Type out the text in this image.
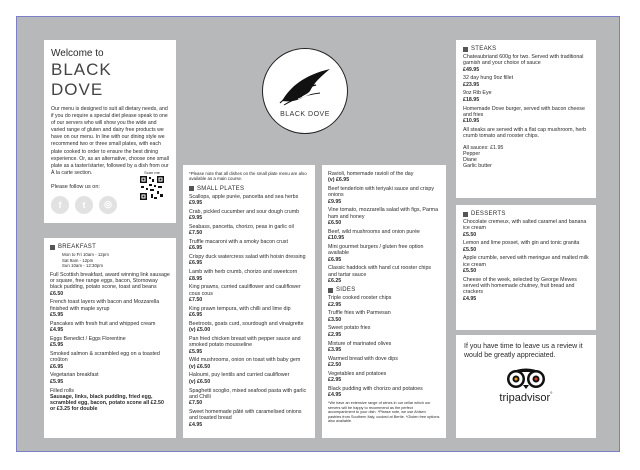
Welcome to
BLACK DOVE
Our menu is designed to suit all dietary needs, and if you do require a special diet please speak to one of our servers who will show you the wide and varied range of gluten and dairy free products we have on our menu. In line with our dining style we recommend two or three small plates, with each plate cooked to order to ensure the best dining experience. Or, as an alternative, choose one small plate as a taster/starter, followed by a dish from our À la carte section.
Please follow us on:
f	t	◎
Scan me
BLACK DOVE
BREAKFAST
Mon to Fri 10am - 12pm
Sat 9am - 12pm
Sun 10am - 12:30pm
Full Scottish breakfast, award winning link sausage or square, free range eggs, bacon, Stornoway black pudding, potato scone, toast and beans
£6.50
French toast layers with bacon and Mozzarella finished with maple syrup
£5.95
Pancakes with fresh fruit and whipped cream
£4.95
Eggs Benedict / Eggs Florentine
£5.95
Smoked salmon & scrambled egg on a toasted croûton
£6.95
Vegetarian breakfast
£5.95
Filled rolls
Sausage, links, black pudding, fried egg, scrambled egg, bacon, potato scone all £2.50 or £3.25 for double
*Please note that all dishes on the small plate menu are also available as a main course.
SMALL PLATES
Scallops, apple purée, pancetta and sea herbs
£9.95
Crab, pickled cucumber and sour dough crumb
£9.95
Seabass, pancetta, chorizo, peas in garlic oil
£7.50
Truffle macaroni with a smoky bacon crust
£6.95
Crispy duck watercress salad with hoisin dressing
£6.95
Lamb with herb crumb, chorizo and sweetcorn
£8.95
King prawns, curried cauliflower and cauliflower cous cous
£7.50
King prawn tempura, with chilli and lime dip
£6.95
Beetroots, goats curd, sourdough and vinaigrette
(v) £5.00
Pan fried chicken breast with pepper sauce and smoked potato mousseline
£5.95
Wild mushrooms, onion on toast with baby gem
(v) £6.50
Haloumi, puy lentils and curried cauliflower
(v) £6.50
Spaghetti scoglio, mixed seafood pasta with garlic and Chilli
£7.50
Sweet homemade pâté with caramelised onions and toasted bread
£4.95
Ravioli, homemade ravioli of the day
(v) £6.95
Beef tenderloin with teriyaki sauce and crispy onions
£9.95
Vine tomato, mozzarella salad with figs, Parma ham and honey
£6.50
Beef, wild mushrooms and onion purée
£10.95
Mini gourmet burgers / gluten free option available
£6.95
Classic haddock with hand cut rooster chips and tartar sauce
£6.25
SIDES
Triple cooked rooster chips
£2.95
Truffle fries with Parmesan
£3.50
Sweet potato fries
£2.95
Mixture of marinated olives
£3.95
Warmed bread with dove dips
£2.50
Vegetables and potatoes
£2.95
Black pudding with chorizo and potatoes
£4.95
*We have an extensive range of wines in our cellar which our servers will be happy to recommend as the perfect accompaniment to your dish. *Please note, we use Ahlsen pastries from Southern Italy, cooked at Bertie. *Gluten free options also available.
STEAKS
Chateaubriand 600g for two. Served with traditional garnish and your choice of sauce
£49.95
32 day hung 9oz fillet
£23.95
9oz Rib Eye
£18.95
Homemade Dove burger, served with bacon cheese and fries
£10.95
All steaks are served with a flat cap mushroom, herb crumb tomato and rooster chips.
All sauces: £1.95
Pepper
Diane
Garlic butter
DESSERTS
Chocolate cremeux, with salted caramel and banana ice cream
£5.50
Lemon and lime posset, with gin and tonic granita
£5.50
Apple crumble, served with meringue and malted milk ice cream
£5.50
Cheese of the week, selected by George Mewes served with homemade chutney, fruit bread and crackers
£4.95
If you have time to leave us a review it would be greatly appreciated.
tripadvisor°
